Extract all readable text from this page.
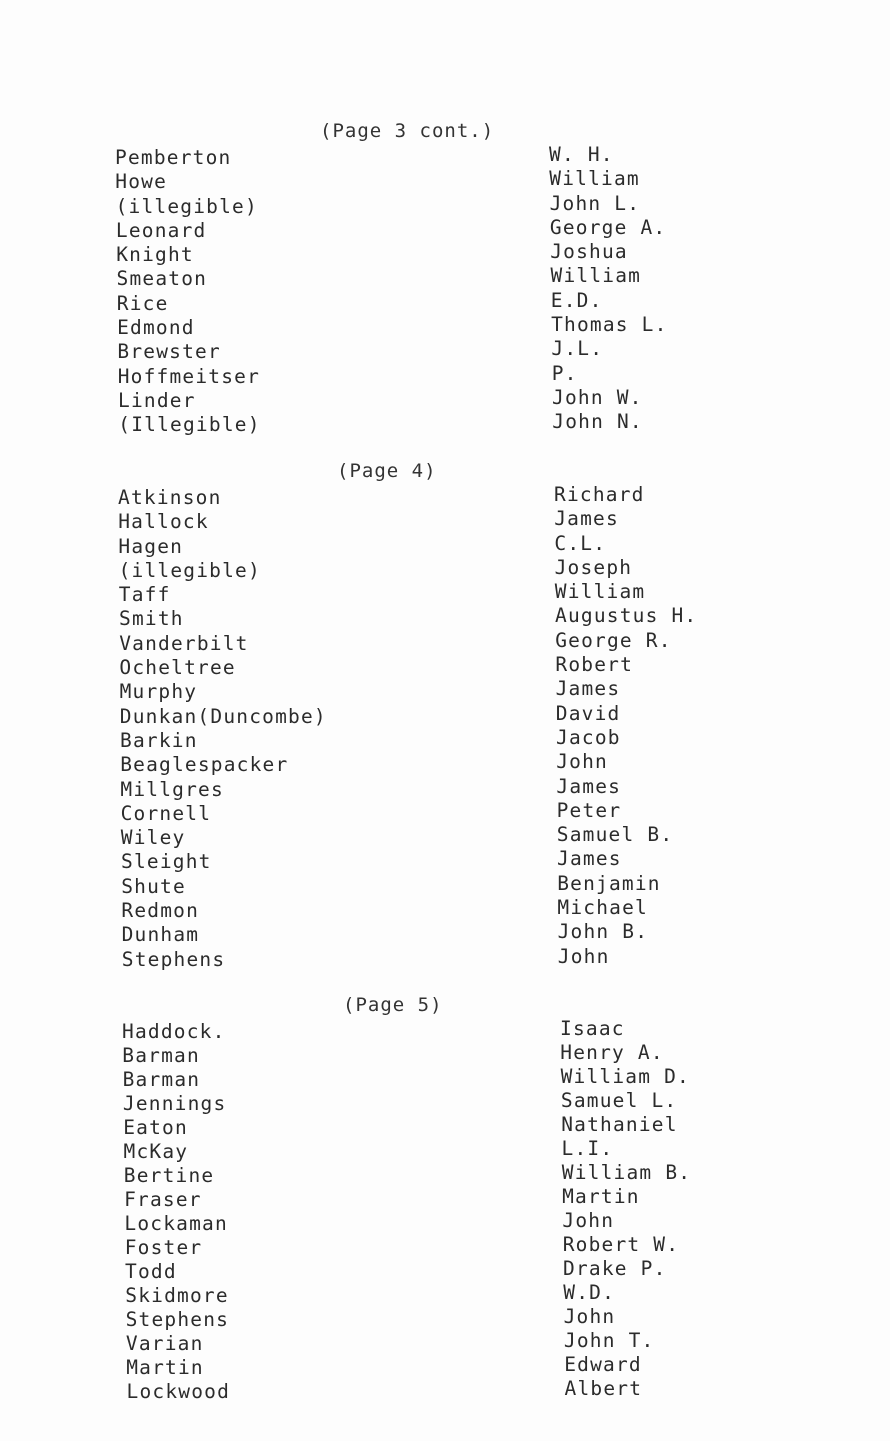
(Page 3 cont.)
Pemberton	W. H.
Howe	William
(illegible)	John L.
Leonard	George A.
Knight	Joshua
Smeaton	William
Rice	E.D.
Edmond	Thomas L.
Brewster	J.L.
Hoffmeitser	P.
Linder	John W.
(Illegible)	John N.
(Page 4)
Atkinson	Richard
Hallock	James
Hagen	C.L.
(illegible)	Joseph
Taff	William
Smith	Augustus H.
Vanderbilt	George R.
Ocheltree	Robert
Murphy	James
Dunkan(Duncombe)	David
Barkin	Jacob
Beaglespacker	John
Millgres	James
Cornell	Peter
Wiley	Samuel B.
Sleight	James
Shute	Benjamin
Redmon	Michael
Dunham	John B.
Stephens	John
(Page 5)
Haddock.	Isaac
Barman	Henry A.
Barman	William D.
Jennings	Samuel L.
Eaton	Nathaniel
McKay	L.I.
Bertine	William B.
Fraser	Martin
Lockaman	John
Foster	Robert W.
Todd	Drake P.
Skidmore	W.D.
Stephens	John
Varian	John T.
Martin	Edward
Lockwood	Albert
